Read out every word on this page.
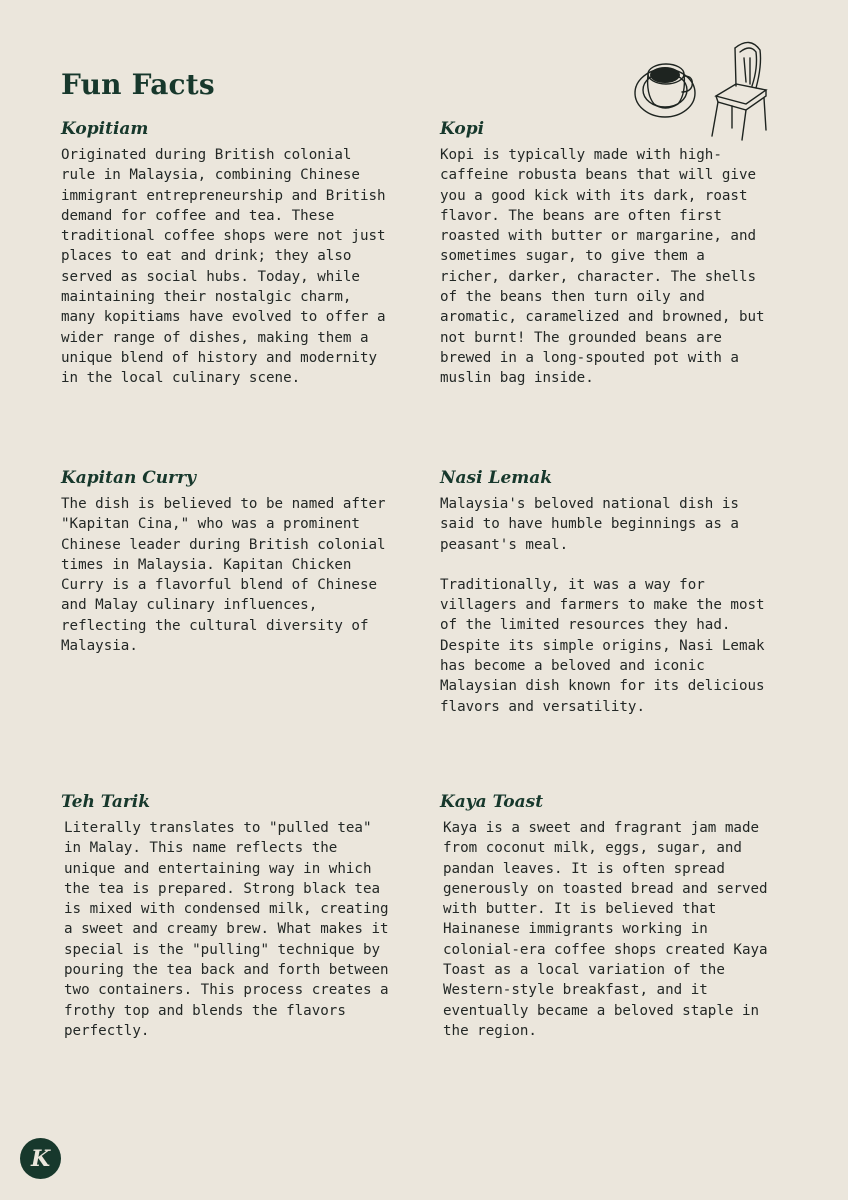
Fun Facts
Kopitiam

Originated during British colonial rule in Malaysia, combining Chinese immigrant entrepreneurship and British demand for coffee and tea. These traditional coffee shops were not just places to eat and drink; they also served as social hubs. Today, while maintaining their nostalgic charm, many kopitiams have evolved to offer a wider range of dishes, making them a unique blend of history and modernity in the local culinary scene.

Kopi

Kopi is typically made with high-caffeine robusta beans that will give you a good kick with its dark, roast flavor. The beans are often first roasted with butter or margarine, and sometimes sugar, to give them a richer, darker, character. The shells of the beans then turn oily and aromatic, caramelized and browned, but not burnt! The grounded beans are brewed in a long-spouted pot with a muslin bag inside.

Kapitan Curry

The dish is believed to be named after "Kapitan Cina," who was a prominent Chinese leader during British colonial times in Malaysia. Kapitan Chicken Curry is a flavorful blend of Chinese and Malay culinary influences, reflecting the cultural diversity of Malaysia.

Nasi Lemak

Malaysia's beloved national dish is said to have humble beginnings as a peasant's meal.

Traditionally, it was a way for villagers and farmers to make the most of the limited resources they had. Despite its simple origins, Nasi Lemak has become a beloved and iconic Malaysian dish known for its delicious flavors and versatility.

Teh Tarik

Literally translates to "pulled tea" in Malay. This name reflects the unique and entertaining way in which the tea is prepared. Strong black tea is mixed with condensed milk, creating a sweet and creamy brew. What makes it special is the "pulling" technique by pouring the tea back and forth between two containers. This process creates a frothy top and blends the flavors perfectly.

Kaya Toast

Kaya is a sweet and fragrant jam made from coconut milk, eggs, sugar, and pandan leaves. It is often spread generously on toasted bread and served with butter. It is believed that Hainanese immigrants working in colonial-era coffee shops created Kaya Toast as a local variation of the Western-style breakfast, and it eventually became a beloved staple in the region.

K
